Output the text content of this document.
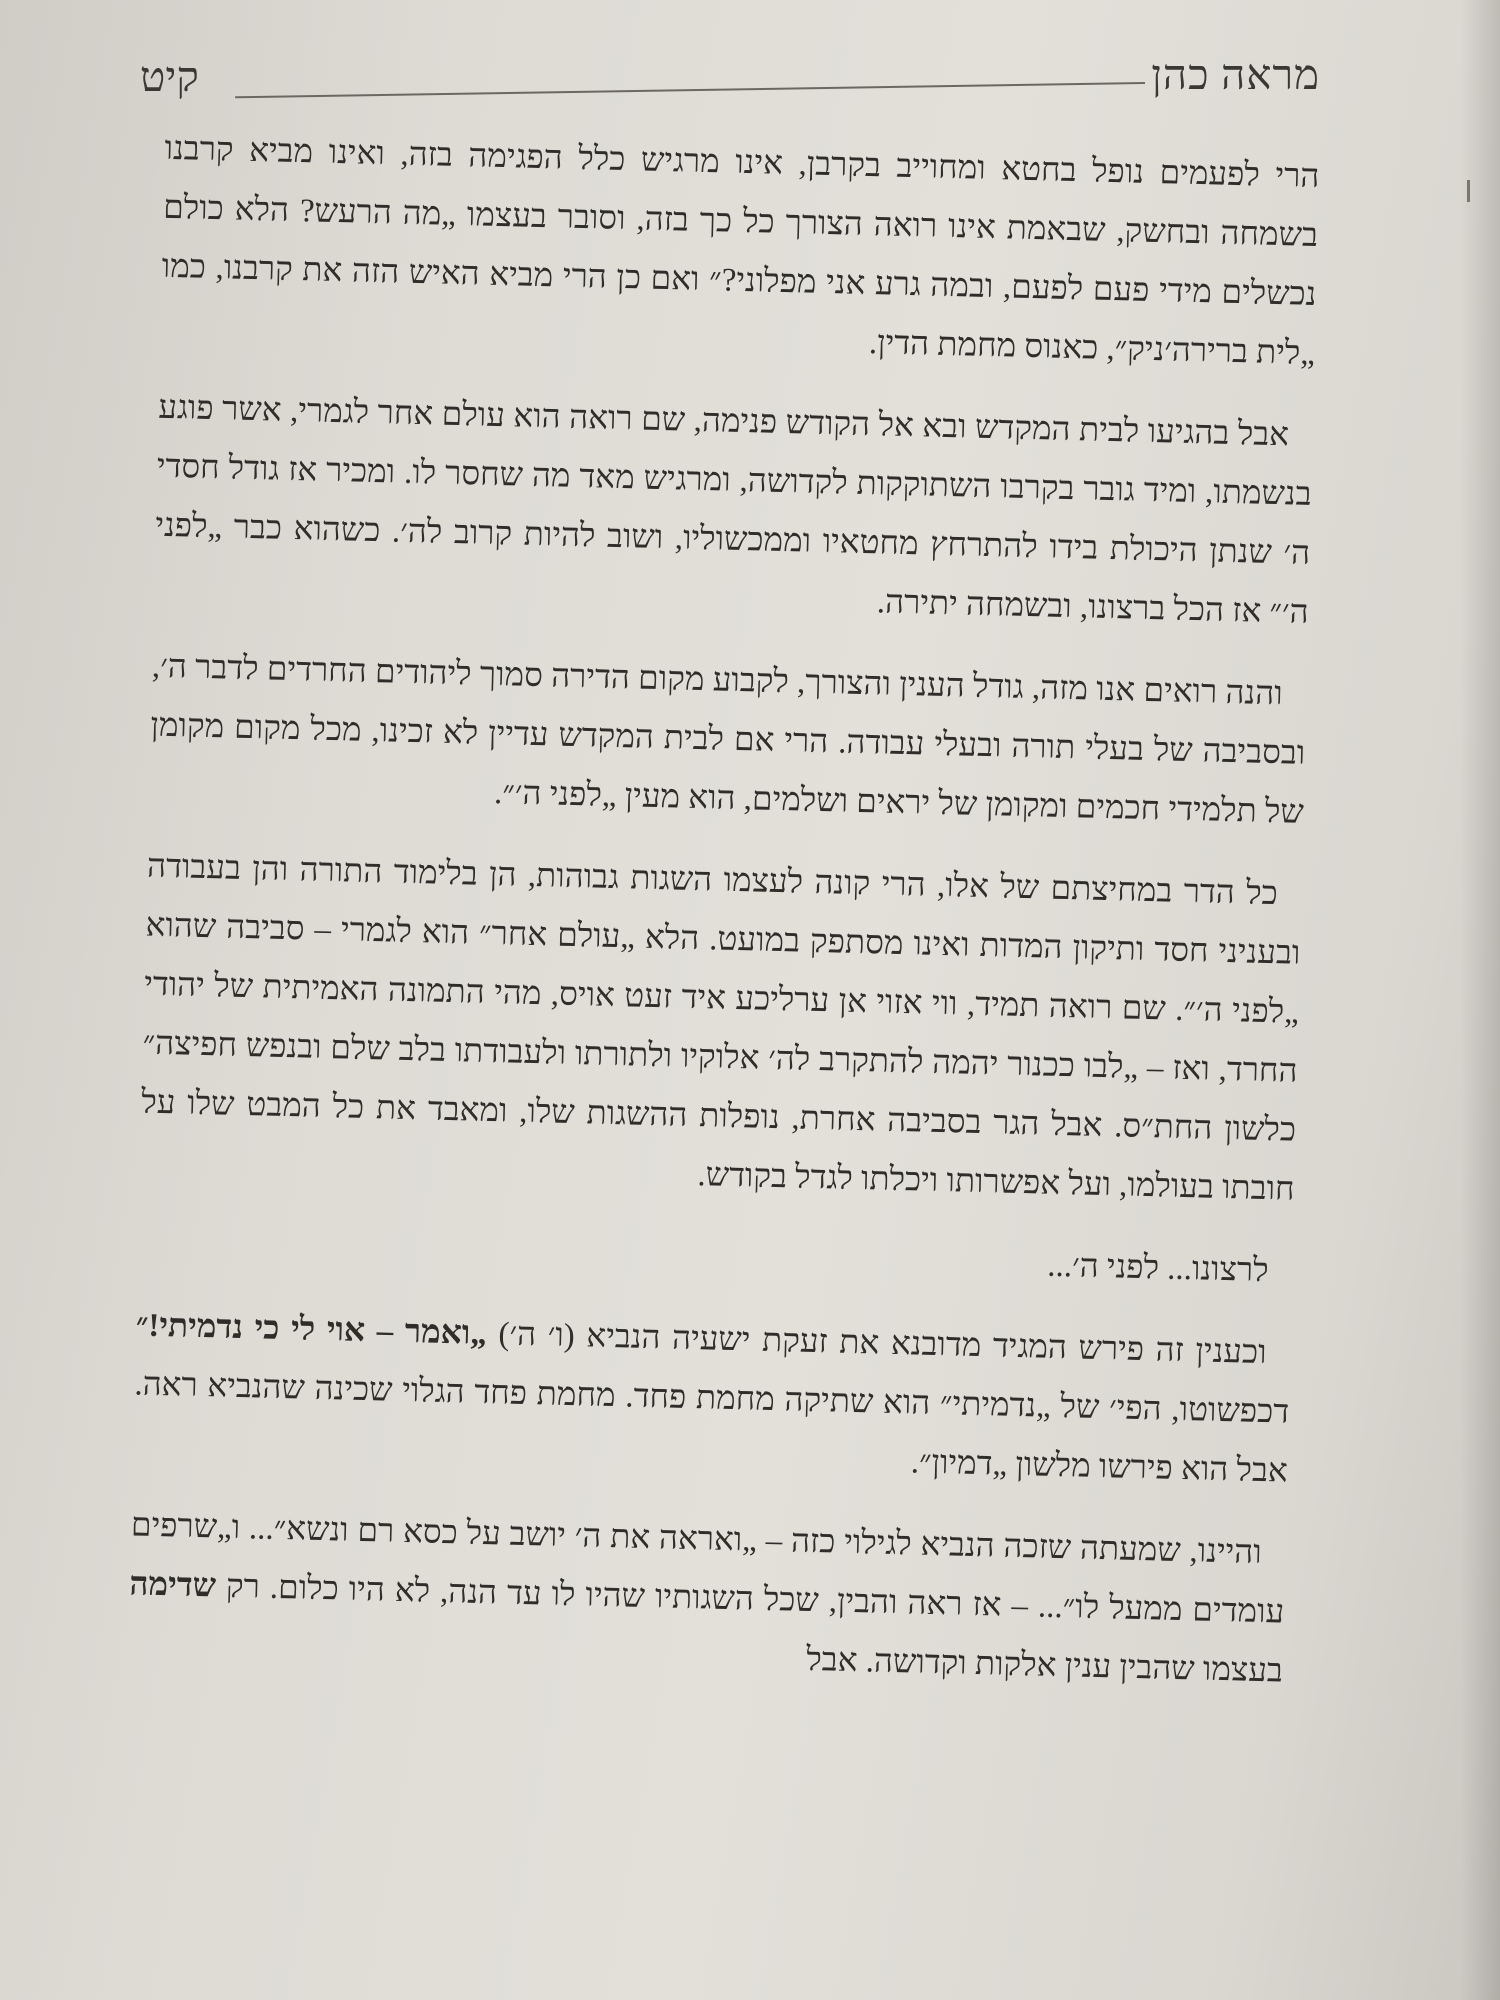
מראה כהן
קיט

הרי לפעמים נופל בחטא ומחוייב בקרבן, אינו מרגיש כלל הפגימה בזה, ואינו מביא קרבנו בשמחה ובחשק, שבאמת אינו רואה הצורך כל כך בזה, וסובר בעצמו „מה הרעש? הלא כולם נכשלים מידי פעם לפעם, ובמה גרע אני מפלוני?״ ואם כן הרי מביא האיש הזה את קרבנו, כמו „לית ברירה׳ניק״, כאנוס מחמת הדין.

אבל בהגיעו לבית המקדש ובא אל הקודש פנימה, שם רואה הוא עולם אחר לגמרי, אשר פוגע בנשמתו, ומיד גובר בקרבו השתוקקות לקדושה, ומרגיש מאד מה שחסר לו. ומכיר אז גודל חסדי ה׳ שנתן היכולת בידו להתרחץ מחטאיו וממכשוליו, ושוב להיות קרוב לה׳. כשהוא כבר „לפני ה׳״ אז הכל ברצונו, ובשמחה יתירה.

והנה רואים אנו מזה, גודל הענין והצורך, לקבוע מקום הדירה סמוך ליהודים החרדים לדבר ה׳, ובסביבה של בעלי תורה ובעלי עבודה. הרי אם לבית המקדש עדיין לא זכינו, מכל מקום מקומן של תלמידי חכמים ומקומן של יראים ושלמים, הוא מעין „לפני ה׳״.

כל הדר במחיצתם של אלו, הרי קונה לעצמו השגות גבוהות, הן בלימוד התורה והן בעבודה ובעניני חסד ותיקון המדות ואינו מסתפק במועט. הלא „עולם אחר״ הוא לגמרי – סביבה שהוא „לפני ה׳״. שם רואה תמיד, ווי אזוי אן ערליכע איד זעט אויס, מהי התמונה האמיתית של יהודי החרד, ואז – „לבו ככנור יהמה להתקרב לה׳ אלוקיו ולתורתו ולעבודתו בלב שלם ובנפש חפיצה״ כלשון החת״ס. אבל הגר בסביבה אחרת, נופלות ההשגות שלו, ומאבד את כל המבט שלו על חובתו בעולמו, ועל אפשרותו ויכלתו לגדל בקודש.

לרצונו... לפני ה׳...

וכענין זה פירש המגיד מדובנא את זעקת ישעיה הנביא (ו׳ ה׳) „ואמר – אוי לי כי נדמיתי!״ דכפשוטו, הפי׳ של „נדמיתי״ הוא שתיקה מחמת פחד. מחמת פחד הגלוי שכינה שהנביא ראה. אבל הוא פירשו מלשון „דמיון״.

והיינו, שמעתה שזכה הנביא לגילוי כזה – „ואראה את ה׳ יושב על כסא רם ונשא״... ו„שרפים עומדים ממעל לו״... – אז ראה והבין, שכל השגותיו שהיו לו עד הנה, לא היו כלום. רק שדימה בעצמו שהבין ענין אלקות וקדושה. אבל
